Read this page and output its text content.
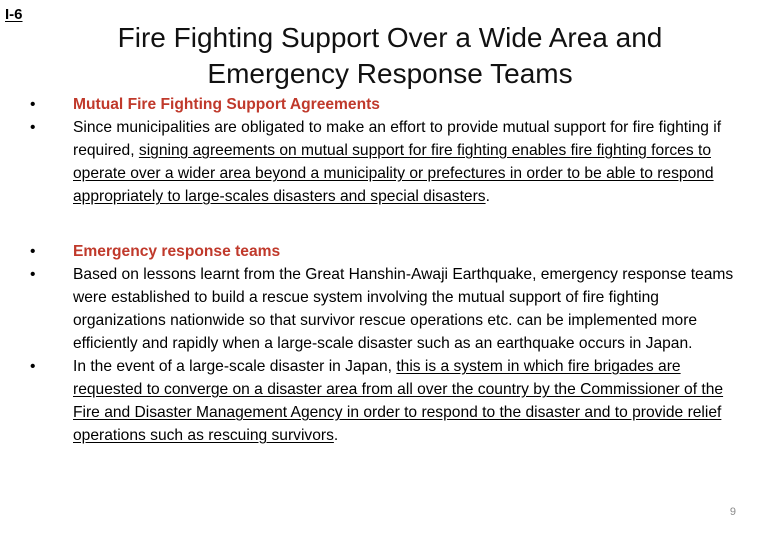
I-6
Fire Fighting Support Over a Wide Area and Emergency Response Teams
• Mutual Fire Fighting Support Agreements
• Since municipalities are obligated to make an effort to provide mutual support for fire fighting if required, signing agreements on mutual support for fire fighting enables fire fighting forces to operate over a wider area beyond a municipality or prefectures in order to be able to respond appropriately to large-scales disasters and special disasters.
• Emergency response teams
• Based on lessons learnt from the Great Hanshin-Awaji Earthquake, emergency response teams were established to build a rescue system involving the mutual support of fire fighting organizations nationwide so that survivor rescue operations etc. can be implemented more efficiently and rapidly when a large-scale disaster such as an earthquake occurs in Japan.
• In the event of a large-scale disaster in Japan, this is a system in which fire brigades are requested to converge on a disaster area from all over the country by the Commissioner of the Fire and Disaster Management Agency in order to respond to the disaster and to provide relief operations such as rescuing survivors.
9
